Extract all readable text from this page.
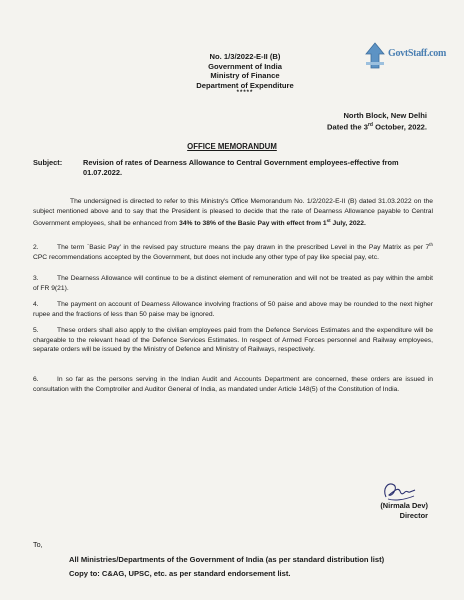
No. 1/3/2022-E-II (B)
Government of India
Ministry of Finance
Department of Expenditure
*****
GovtStaff.com
North Block, New Delhi
Dated the 3rd October, 2022.
OFFICE MEMORANDUM
Subject:	Revision of rates of Dearness Allowance to Central Government employees-effective from 01.07.2022.
The undersigned is directed to refer to this Ministry's Office Memorandum No. 1/2/2022-E-II (B) dated 31.03.2022 on the subject mentioned above and to say that the President is pleased to decide that the rate of Dearness Allowance payable to Central Government employees, shall be enhanced from 34% to 38% of the Basic Pay with effect from 1st July, 2022.
2.	The term `Basic Pay' in the revised pay structure means the pay drawn in the prescribed Level in the Pay Matrix as per 7th CPC recommendations accepted by the Government, but does not include any other type of pay like special pay, etc.
3.	The Dearness Allowance will continue to be a distinct element of remuneration and will not be treated as pay within the ambit of FR 9(21).
4.	The payment on account of Dearness Allowance involving fractions of 50 paise and above may be rounded to the next higher rupee and the fractions of less than 50 paise may be ignored.
5.	These orders shall also apply to the civilian employees paid from the Defence Services Estimates and the expenditure will be chargeable to the relevant head of the Defence Services Estimates. In respect of Armed Forces personnel and Railway employees, separate orders will be issued by the Ministry of Defence and Ministry of Railways, respectively.
6.	In so far as the persons serving in the Indian Audit and Accounts Department are concerned, these orders are issued in consultation with the Comptroller and Auditor General of India, as mandated under Article 148(5) of the Constitution of India.
(Nirmala Dev)
Director
To,
All Ministries/Departments of the Government of India (as per standard distribution list)
Copy to: C&AG, UPSC, etc. as per standard endorsement list.
